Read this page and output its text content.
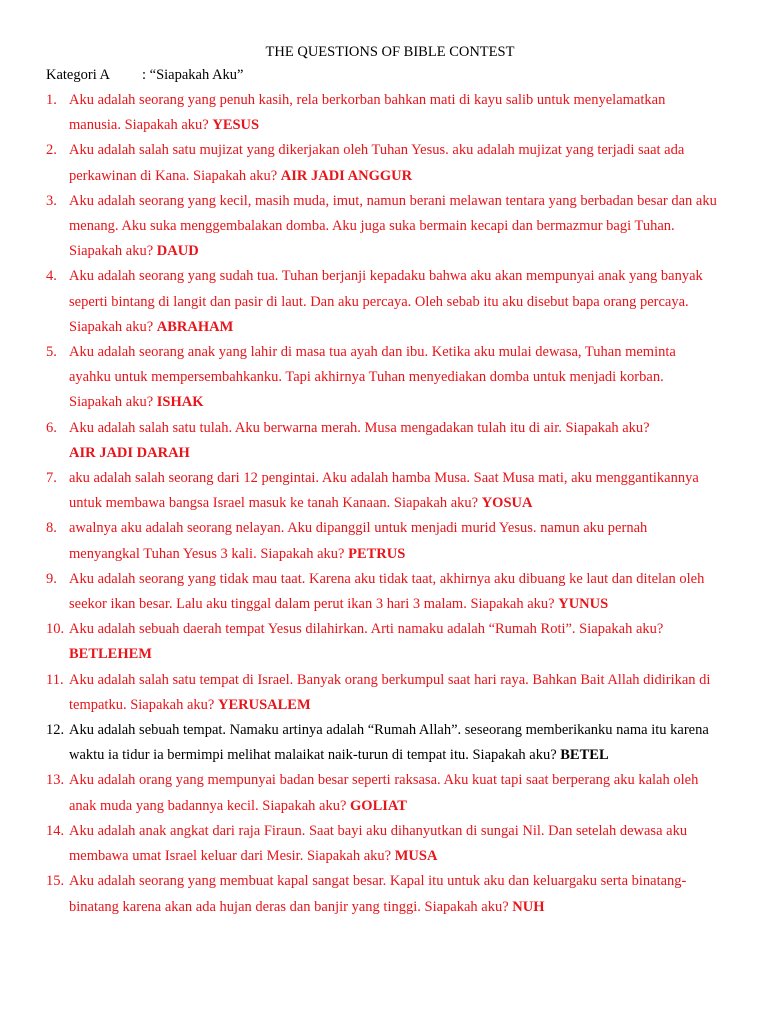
THE QUESTIONS OF BIBLE CONTEST
Kategori A : “Siapakah Aku”
1. Aku adalah seorang yang penuh kasih, rela berkorban bahkan mati di kayu salib untuk menyelamatkan manusia. Siapakah aku? YESUS
2. Aku adalah salah satu mujizat yang dikerjakan oleh Tuhan Yesus. aku adalah mujizat yang terjadi saat ada perkawinan di Kana. Siapakah aku? AIR JADI ANGGUR
3. Aku adalah seorang yang kecil, masih muda, imut, namun berani melawan tentara yang berbadan besar dan aku menang. Aku suka menggembalakan domba. Aku juga suka bermain kecapi dan bermazmur bagi Tuhan. Siapakah aku? DAUD
4. Aku adalah seorang yang sudah tua. Tuhan berjanji kepadaku bahwa aku akan mempunyai anak yang banyak seperti bintang di langit dan pasir di laut. Dan aku percaya. Oleh sebab itu aku disebut bapa orang percaya. Siapakah aku? ABRAHAM
5. Aku adalah seorang anak yang lahir di masa tua ayah dan ibu. Ketika aku mulai dewasa, Tuhan meminta ayahku untuk mempersembahkanku. Tapi akhirnya Tuhan menyediakan domba untuk menjadi korban. Siapakah aku? ISHAK
6. Aku adalah salah satu tulah. Aku berwarna merah. Musa mengadakan tulah itu di air. Siapakah aku?
AIR JADI DARAH
7. aku adalah salah seorang dari 12 pengintai. Aku adalah hamba Musa. Saat Musa mati, aku menggantikannya untuk membawa bangsa Israel masuk ke tanah Kanaan. Siapakah aku? YOSUA
8. awalnya aku adalah seorang nelayan. Aku dipanggil untuk menjadi murid Yesus. namun aku pernah menyangkal Tuhan Yesus 3 kali. Siapakah aku? PETRUS
9. Aku adalah seorang yang tidak mau taat. Karena aku tidak taat, akhirnya aku dibuang ke laut dan ditelan oleh seekor ikan besar. Lalu aku tinggal dalam perut ikan 3 hari 3 malam. Siapakah aku? YUNUS
10. Aku adalah sebuah daerah tempat Yesus dilahirkan. Arti namaku adalah “Rumah Roti”. Siapakah aku?
BETLEHEM
11. Aku adalah salah satu tempat di Israel. Banyak orang berkumpul saat hari raya. Bahkan Bait Allah didirikan di tempatku. Siapakah aku? YERUSALEM
12. Aku adalah sebuah tempat. Namaku artinya adalah “Rumah Allah”. seseorang memberikanku nama itu karena waktu ia tidur ia bermimpi melihat malaikat naik-turun di tempat itu. Siapakah aku? BETEL
13. Aku adalah orang yang mempunyai badan besar seperti raksasa. Aku kuat tapi saat berperang aku kalah oleh anak muda yang badannya kecil. Siapakah aku? GOLIAT
14. Aku adalah anak angkat dari raja Firaun. Saat bayi aku dihanyutkan di sungai Nil. Dan setelah dewasa aku membawa umat Israel keluar dari Mesir. Siapakah aku? MUSA
15. Aku adalah seorang yang membuat kapal sangat besar. Kapal itu untuk aku dan keluargaku serta binatang-binatang karena akan ada hujan deras dan banjir yang tinggi. Siapakah aku? NUH
